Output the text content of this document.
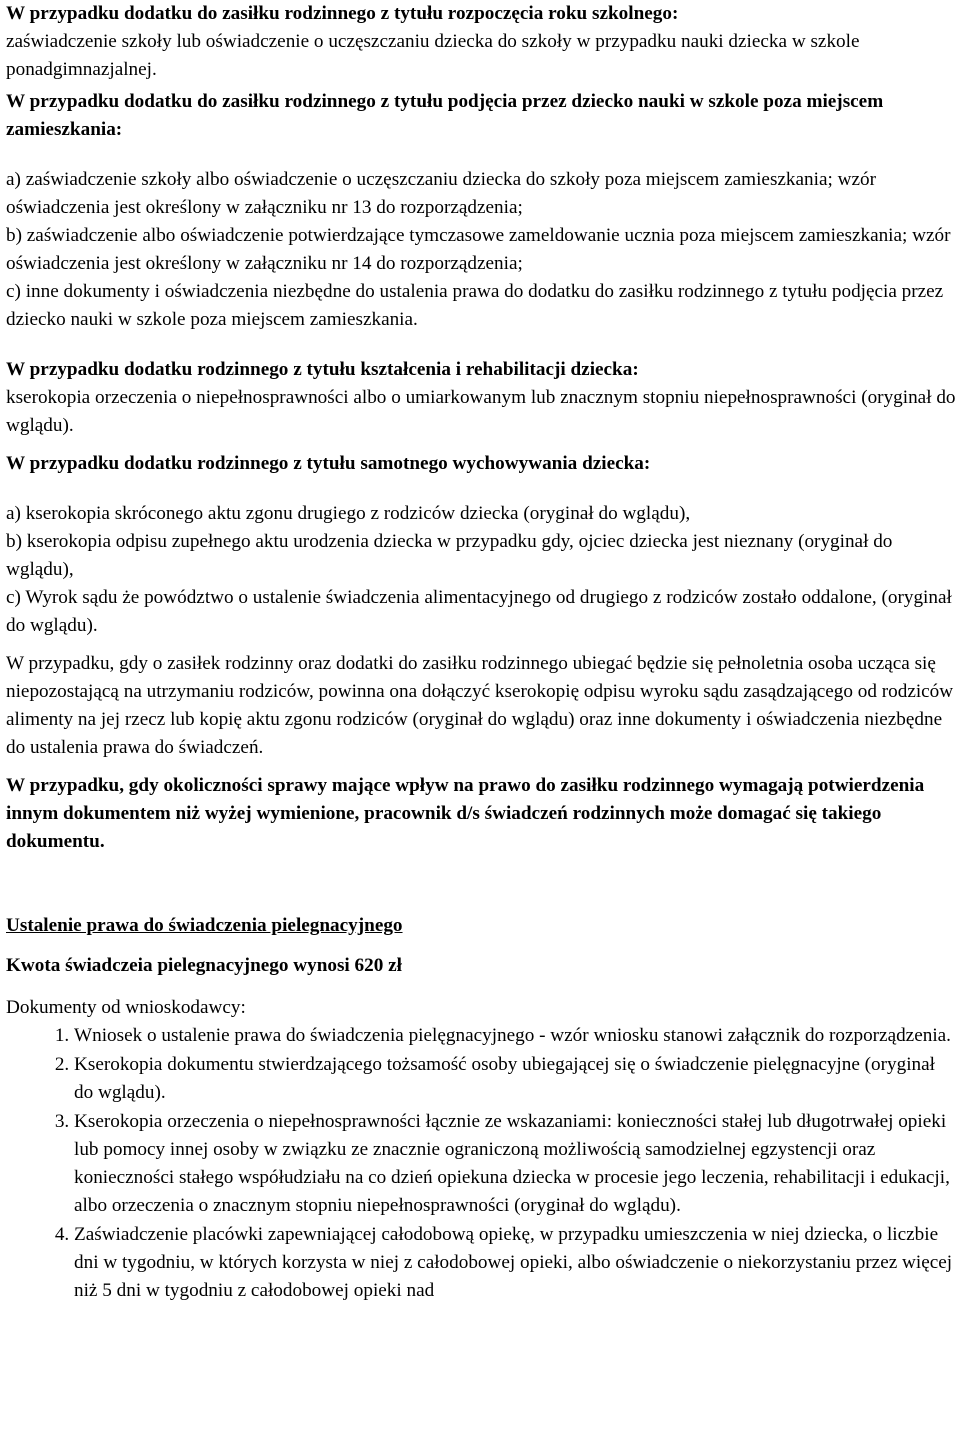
W przypadku dodatku do zasiłku rodzinnego z tytułu rozpoczęcia roku szkolnego:

zaświadczenie szkoły lub oświadczenie o uczęszczaniu dziecka do szkoły w przypadku nauki dziecka w szkole ponadgimnazjalnej.

W przypadku dodatku do zasiłku rodzinnego z tytułu podjęcia przez dziecko nauki w szkole poza miejscem zamieszkania:

a) zaświadczenie szkoły albo oświadczenie o uczęszczaniu dziecka do szkoły poza miejscem zamieszkania; wzór oświadczenia jest określony w załączniku nr 13 do rozporządzenia;

b) zaświadczenie albo oświadczenie potwierdzające tymczasowe zameldowanie ucznia poza miejscem zamieszkania; wzór oświadczenia jest określony w załączniku nr 14 do rozporządzenia;

c) inne dokumenty i oświadczenia niezbędne do ustalenia prawa do dodatku do zasiłku rodzinnego z tytułu podjęcia przez dziecko nauki w szkole poza miejscem zamieszkania.

W przypadku dodatku rodzinnego z tytułu kształcenia i rehabilitacji dziecka:

kserokopia orzeczenia o niepełnosprawności albo o umiarkowanym lub znacznym stopniu niepełnosprawności (oryginał do wglądu).

W przypadku dodatku rodzinnego z tytułu samotnego wychowywania dziecka:

a) kserokopia skróconego aktu zgonu drugiego z rodziców dziecka (oryginał do wglądu),

b) kserokopia odpisu zupełnego aktu urodzenia dziecka w przypadku gdy, ojciec dziecka jest nieznany (oryginał do wglądu),

c) Wyrok sądu że powództwo o ustalenie świadczenia alimentacyjnego od drugiego z rodziców zostało oddalone, (oryginał do wglądu).

W przypadku, gdy o zasiłek rodzinny oraz dodatki do zasiłku rodzinnego ubiegać będzie się pełnoletnia osoba ucząca się niepozostającą na utrzymaniu rodziców, powinna ona dołączyć kserokopię odpisu wyroku sądu zasądzającego od rodziców alimenty na jej rzecz lub kopię aktu zgonu rodziców (oryginał do wglądu) oraz inne dokumenty i oświadczenia niezbędne do ustalenia prawa do świadczeń.

W przypadku, gdy okoliczności sprawy mające wpływ na prawo do zasiłku rodzinnego wymagają potwierdzenia innym dokumentem niż wyżej wymienione, pracownik d/s świadczeń rodzinnych może domagać się takiego dokumentu.

Ustalenie prawa do świadczenia pielegnacyjnego

Kwota świadczeia pielegnacyjnego wynosi 620 zł

Dokumenty od wnioskodawcy:

1. Wniosek o ustalenie prawa do świadczenia pielęgnacyjnego - wzór wniosku stanowi załącznik do rozporządzenia.
2. Kserokopia dokumentu stwierdzającego tożsamość osoby ubiegającej się o świadczenie pielęgnacyjne (oryginał do wglądu).
3. Kserokopia orzeczenia o niepełnosprawności łącznie ze wskazaniami: konieczności stałej lub długotrwałej opieki lub pomocy innej osoby w związku ze znacznie ograniczoną możliwością samodzielnej egzystencji oraz konieczności stałego współudziału na co dzień opiekuna dziecka w procesie jego leczenia, rehabilitacji i edukacji, albo orzeczenia o znacznym stopniu niepełnosprawności (oryginał do wglądu).
4. Zaświadczenie placówki zapewniającej całodobową opiekę, w przypadku umieszczenia w niej dziecka, o liczbie dni w tygodniu, w których korzysta w niej z całodobowej opieki, albo oświadczenie o niekorzystaniu przez więcej niż 5 dni w tygodniu z całodobowej opieki nad
